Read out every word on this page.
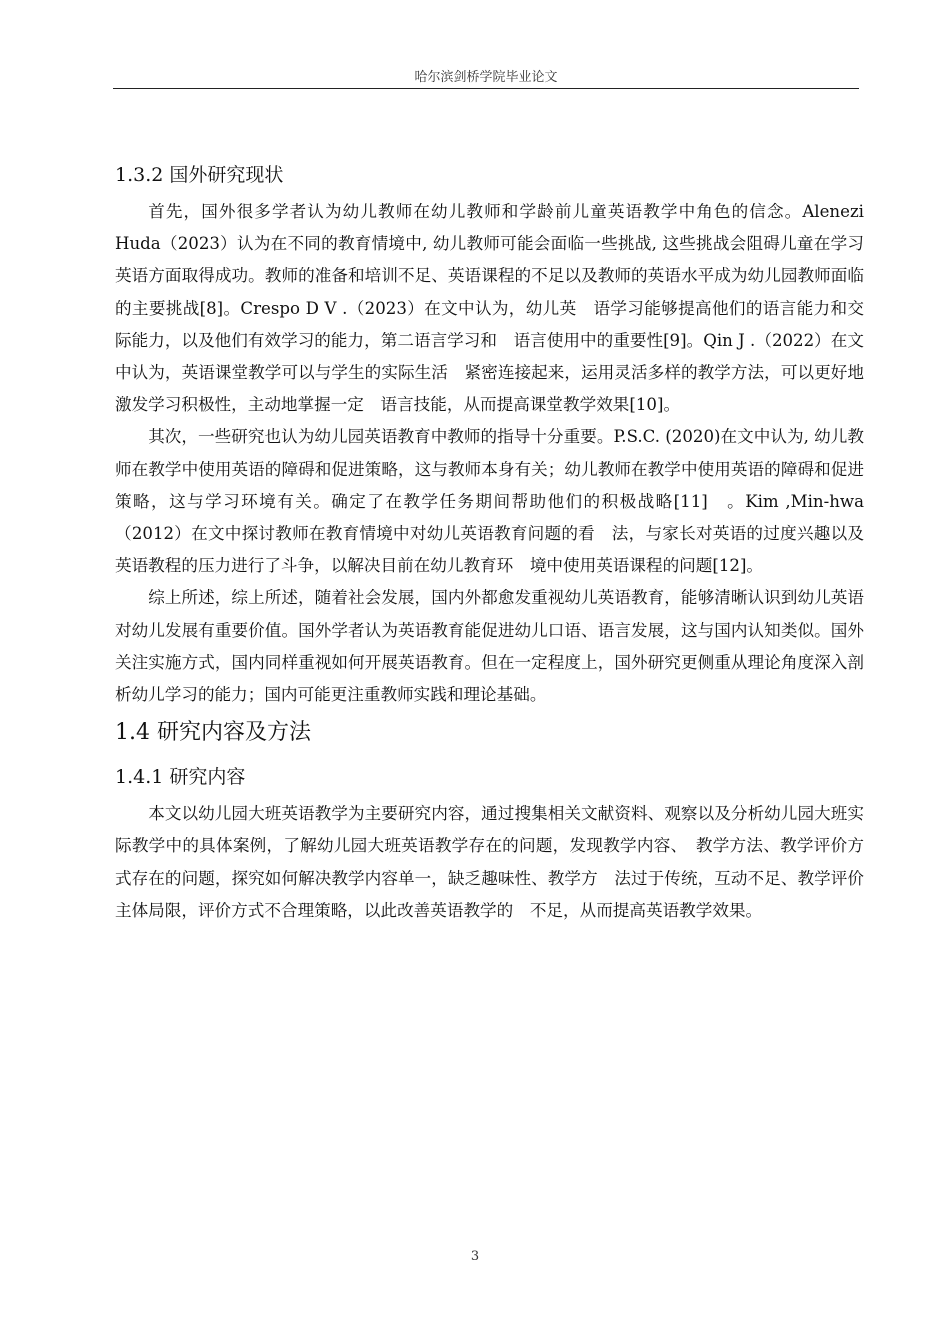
哈尔滨剑桥学院毕业论文
1.3.2 国外研究现状

首先，国外很多学者认为幼儿教师在幼儿教师和学龄前儿童英语教学中角色的信念。Alenezi Huda（2023）认为在不同的教育情境中, 幼儿教师可能会面临一些挑战, 这些挑战会阻碍儿童在学习英语方面取得成功。教师的准备和培训不足、英语课程的不足以及教师的英语水平成为幼儿园教师面临的主要挑战[8]。Crespo D V .（2023）在文中认为，幼儿英　语学习能够提高他们的语言能力和交际能力，以及他们有效学习的能力，第二语言学习和　语言使用中的重要性[9]。Qin J .（2022）在文中认为，英语课堂教学可以与学生的实际生活　紧密连接起来，运用灵活多样的教学方法，可以更好地激发学习积极性，主动地掌握一定　语言技能，从而提高课堂教学效果[10]。

其次，一些研究也认为幼儿园英语教育中教师的指导十分重要。P.S.C. (2020)在文中认为, 幼儿教师在教学中使用英语的障碍和促进策略，这与教师本身有关；幼儿教师在教学中使用英语的障碍和促进策略，这与学习环境有关。确定了在教学任务期间帮助他们的积极战略[11]　。Kim ,Min-hwa（2012）在文中探讨教师在教育情境中对幼儿英语教育问题的看　法，与家长对英语的过度兴趣以及英语教程的压力进行了斗争，以解决目前在幼儿教育环　境中使用英语课程的问题[12]。

综上所述，综上所述，随着社会发展，国内外都愈发重视幼儿英语教育，能够清晰认识到幼儿英语对幼儿发展有重要价值。国外学者认为英语教育能促进幼儿口语、语言发展，这与国内认知类似。国外关注实施方式，国内同样重视如何开展英语教育。但在一定程度上，国外研究更侧重从理论角度深入剖析幼儿学习的能力；国内可能更注重教师实践和理论基础。

1.4 研究内容及方法
1.4.1 研究内容

本文以幼儿园大班英语教学为主要研究内容，通过搜集相关文献资料、观察以及分析幼儿园大班实际教学中的具体案例，了解幼儿园大班英语教学存在的问题，发现教学内容、　教学方法、教学评价方式存在的问题，探究如何解决教学内容单一，缺乏趣味性、教学方　法过于传统，互动不足、教学评价主体局限，评价方式不合理策略，以此改善英语教学的　不足，从而提高英语教学效果。

3
